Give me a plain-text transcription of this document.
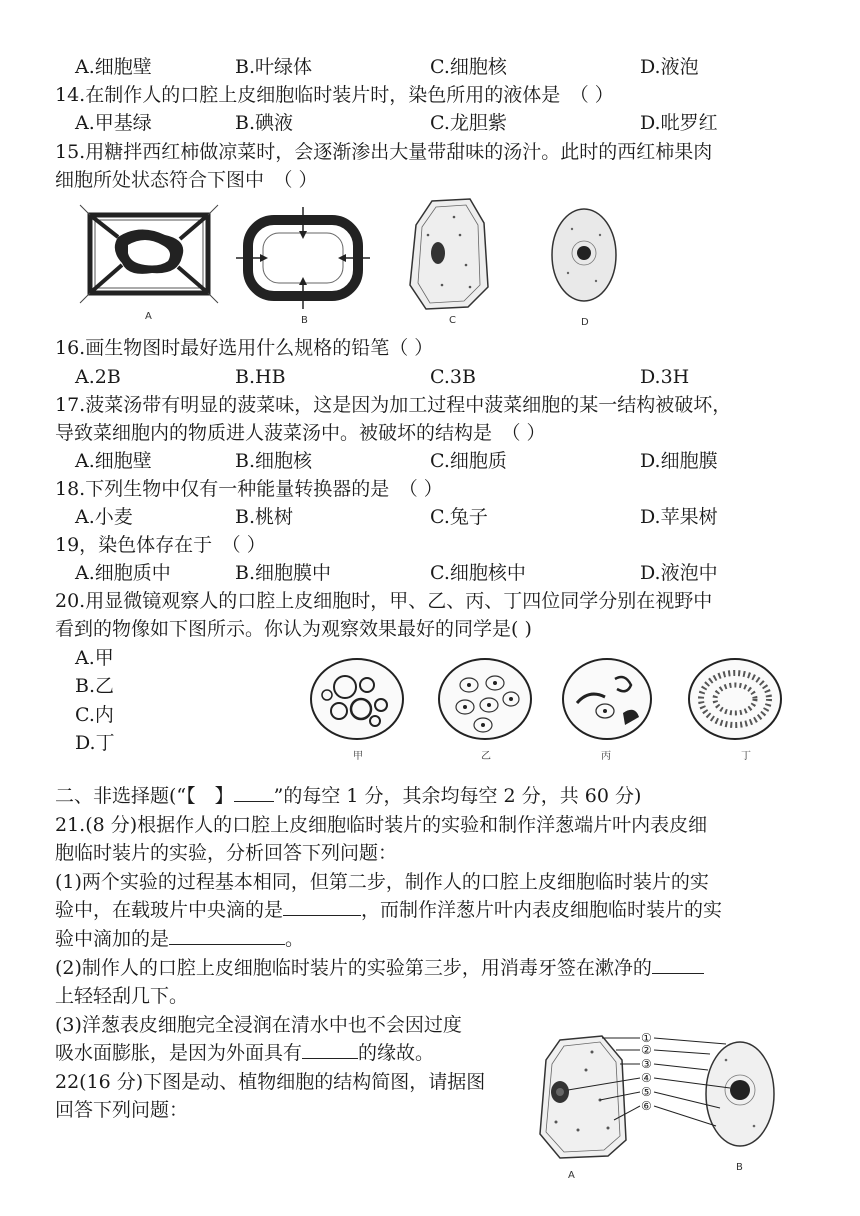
A.细胞壁	B.叶绿体	C.细胞核	D.液泡
14.在制作人的口腔上皮细胞临时装片时，染色所用的液体是　（ ）
A.甲基绿	B.碘液	C.龙胆紫	D.吡罗红
15.用糖拌西红柿做凉菜时，会逐渐渗出大量带甜味的汤汁。此时的西红柿果肉
细胞所处状态符合下图中　（ ）
A	B	C	D
16.画生物图时最好选用什么规格的铅笔（ ）
A.2B	B.HB	C.3B	D.3H
17.菠菜汤带有明显的菠菜味，这是因为加工过程中菠菜细胞的某一结构被破坏，
导致菜细胞内的物质进人菠菜汤中。被破坏的结构是　（ ）
A.细胞壁	B.细胞核	C.细胞质	D.细胞膜
18.下列生物中仅有一种能量转换器的是　（ ）
A.小麦	B.桃树	C.兔子	D.苹果树
19，染色体存在于　（ ）
A.细胞质中	B.细胞膜中	C.细胞核中	D.液泡中
20.用显微镜观察人的口腔上皮细胞时，甲、乙、丙、丁四位同学分别在视野中
看到的物像如下图所示。你认为观察效果最好的同学是( )
A.甲
B.乙
C.内
D.丁
甲	乙	丙	丁
二、非选择题(“【　】 ”的每空 1 分，其余均每空 2 分，共 60 分)
21.(8 分)根据作人的口腔上皮细胞临时装片的实验和制作洋葱端片叶内表皮细
胞临时装片的实验，分析回答下列问题：
(1)两个实验的过程基本相同，但第二步，制作人的口腔上皮细胞临时装片的实
验中，在载玻片中央滴的是	，而制作洋葱片叶内表皮细胞临时装片的实
验中滴加的是	。
(2)制作人的口腔上皮细胞临时装片的实验第三步，用消毒牙签在漱净的
上轻轻刮几下。
(3)洋葱表皮细胞完全浸润在清水中也不会因过度
吸水面膨胀，是因为外面具有	的缘故。
22(16 分)下图是动、植物细胞的结构简图，请据图
回答下列问题：
A
B
①
②
③
④
⑤
⑥
